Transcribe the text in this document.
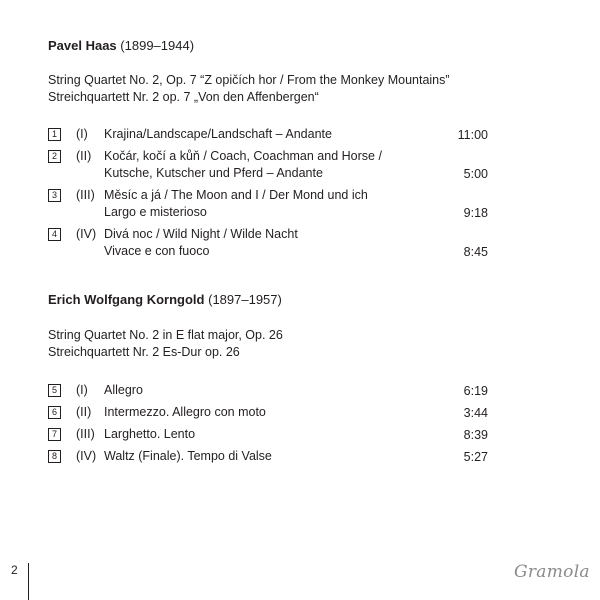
Pavel Haas (1899–1944)
String Quartet No. 2, Op. 7 “Z opičích hor / From the Monkey Mountains”
Streichquartett Nr. 2 op. 7 „Von den Affenbergen“
1	(I) Krajina/Landscape/Landschaft – Andante	11:00
2	(II) Kočár, kočí a kůň / Coach, Coachman and Horse /
Kutsche, Kutscher und Pferd – Andante	5:00
3	(III) Měsíc a já / The Moon and I / Der Mond und ich
Largo e misterioso	9:18
4	(IV) Divá noc / Wild Night / Wilde Nacht
Vivace e con fuoco	8:45
Erich Wolfgang Korngold (1897–1957)
String Quartet No. 2 in E flat major, Op. 26
Streichquartett Nr. 2 Es-Dur op. 26
5	(I) Allegro	6:19
6	(II) Intermezzo. Allegro con moto	3:44
7	(III) Larghetto. Lento	8:39
8	(IV) Waltz (Finale). Tempo di Valse	5:27
2	Gramola
